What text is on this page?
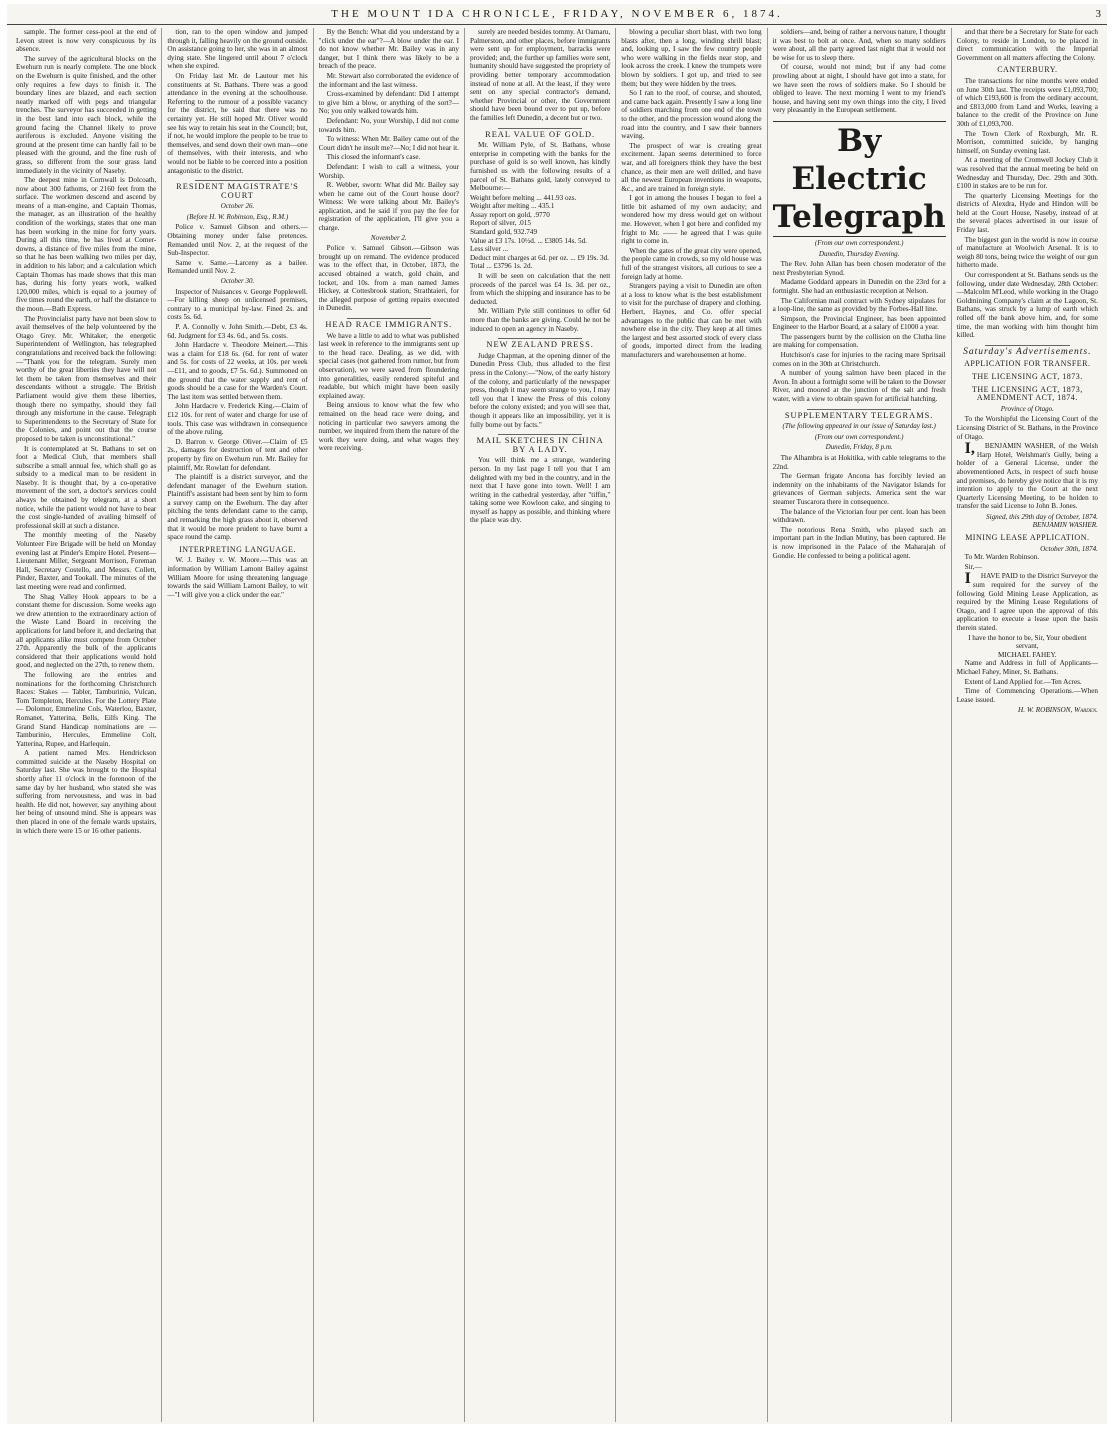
THE MOUNT IDA CHRONICLE, FRIDAY, NOVEMBER 6, 1874.	3

sample. The former cess-pool at the end of Levon street is now very conspicuous by its absence.

The survey of the agricultural blocks on the Ewehurn run is nearly complete. The one block on the Ewehurn is quite finished, and the other only requires a few days to finish it. The boundary lines are blazed, and each section neatly marked off with pegs and triangular trenches. The surveyor has succeeded in getting in the best land into each block, while the ground facing the Channel likely to prove auriferous is excluded. Anyone visiting the ground at the present time can hardly fail to be pleased with the ground, and the fine rush of grass, so different from the sour grass land immediately in the vicinity of Naseby.

The deepest mine in Cornwall is Dolcoath, now about 300 fathoms, or 2160 feet from the surface. The workmen descend and ascend by means of a man-engine, and Captain Thomas, the manager, as an illustration of the healthy condition of the workings, states that one man has been working in the mine for forty years. During all this time, he has lived at Comer-downs, a distance of five miles from the mine, so that he has been walking two miles per day, in addition to his labor; and a calculation which Captain Thomas has made shows that this man has, during his forty years work, walked 120,000 miles, which is equal to a journey of five times round the earth, or half the distance to the moon.—Bath Express.

The Provincialist party have not been slow to avail themselves of the help volunteered by the Otago Grey. Mr. Whitaker, the energetic Superintendent of Wellington, has telegraphed congratulations and received back the following:—"Thank you for the telegram. Surely men worthy of the great liberties they have will not let them be taken from themselves and their descendants without a struggle. The British Parliament would give them these liberties, though there no sympathy, should they fail through any misfortune in the cause. Telegraph to Superintendents to the Secretary of State for the Colonies, and point out that the course proposed to be taken is unconstitutional."

It is contemplated at St. Bathans to set on foot a Medical Club, that members shall subscribe a small annual fee, which shall go as subsidy to a medical man to be resident in Naseby. It is thought that, by a co-operative movement of the sort, a doctor's services could always be obtained by telegram, at a short notice, while the patient would not have to bear the cost single-handed of availing himself of professional skill at such a distance.

The monthly meeting of the Naseby Volunteer Fire Brigade will be held on Monday evening last at Pinder's Empire Hotel. Present—Lieutenant Miller, Sergeant Morrison, Foreman Hall, Secretary Costello, and Messrs. Collett, Pinder, Baxter, and Tookall. The minutes of the last meeting were read and confirmed.

The Shag Valley Hook appears to be a constant theme for discussion. Some weeks ago we drew attention to the extraordinary action of the Waste Land Board in receiving the applications for land before it, and declaring that all applicants alike must compete from October 27th. Apparently the bulk of the applicants considered that their applications would hold good, and neglected on the 27th, to renew them.

The following are the entries and nominations for the forthcoming Christchurch Races: Stakes — Tabler, Tamburinio, Vulcan, Tom Templeton, Hercules. For the Lottery Plate — Dolomor, Emmeline Cols, Waterloo, Baxter, Romanet, Yatterina, Bells, Eilfs King. The Grand Stand Handicap nominations are — Tamburinio, Hercules, Emmeline Colt, Yatterina, Rupee, and Harlequin.

A patient named Mrs. Hendrickson committed suicide at the Naseby Hospital on Saturday last. She was brought to the Hospital shortly after 11 o'clock in the forenoon of the same day by her husband, who stated she was suffering from nervousness, and was in bad health. He did not, however, say anything about her being of unsound mind. She is appears was then placed in one of the female wards upstairs, in which there were 15 or 16 other patients.

tion, ran to the open window and jumped through it, falling heavily on the ground outside. On assistance going to her, she was in an almost dying state. She lingered until about 7 o'clock when she expired.

On Friday last Mr. de Lautour met his constituents at St. Bathans. There was a good attendance in the evening at the schoolhouse. Referring to the rumour of a possible vacancy for the district, he said that there was no certainty yet. He still hoped Mr. Oliver would see his way to retain his seat in the Council; but, if not, he would implore the people to be true to themselves, and send down their own man—one of themselves, with their interests, and who would not be liable to be coerced into a position antagonistic to the district.

RESIDENT MAGISTRATE'S COURT
October 26.
(Before H. W. Robinson, Esq., R.M.)

Police v. Samuel Gibson and others.—Obtaining money under false pretences. Remanded until Nov. 2, at the request of the Sub-Inspector.

Same v. Same.—Larceny as a bailee. Remanded until Nov. 2.

October 30.

Inspector of Nuisances v. George Popplewell.—For killing sheep on unlicensed premises, contrary to a municipal by-law. Fined 2s. and costs 5s. 6d.

P. A. Connolly v. John Smith.—Debt, £3 4s. 6d. Judgment for £3 4s. 6d., and 5s. costs.

John Hardacre v. Theodore Meinert.—This was a claim for £18 6s. (6d. for rent of water and 5s. for costs of 22 weeks, at 10s. per week—£11, and to goods, £7 5s. 6d.). Summoned on the ground that the water supply and rent of goods should be a case for the Warden's Court. The last item was settled between them.

John Hardacre v. Frederick King.—Claim of £12 10s. for rent of water and charge for use of tools. This case was withdrawn in consequence of the above ruling.

D. Barron v. George Oliver.—Claim of £5 2s., damages for destruction of tent and other property by fire on Ewehurn run. Mr. Bailey for plaintiff, Mr. Rowlatt for defendant.

The plaintiff is a district surveyor, and the defendant manager of the Ewehurn station. Plaintiff's assistant had been sent by him to form a survey camp on the Ewehurn. The day after pitching the tents defendant came to the camp, and remarking the high grass about it, observed that it would be more prudent to have burnt a space round the camp.

INTERPRETING LANGUAGE.

W. J. Bailey v. W. Moore.—This was an information by William Lamont Bailey against William Moore for using threatening language towards the said William Lamont Bailey, to wit—"I will give you a click under the ear."

By the Bench: What did you understand by a "click under the ear"?—A blow under the ear. I do not know whether Mr. Bailey was in any danger, but I think there was likely to be a breach of the peace.

Mr. Stewart also corroborated the evidence of the informant and the last witness.

Cross-examined by defendant: Did I attempt to give him a blow, or anything of the sort?—No; you only walked towards him.

Defendant: No, your Worship, I did not come towards him.

To witness: When Mr. Bailey came out of the Court didn't he insult me?—No; I did not hear it.

This closed the informant's case.

Defendant: I wish to call a witness, your Worship.

R. Webber, sworn: What did Mr. Bailey say when he came out of the Court house door? Witness: We were talking about Mr. Bailey's application, and he said if you pay the fee for registration of the application, I'll give you a charge.

November 2.

Police v. Samuel Gibson.—Gibson was brought up on remand. The evidence produced was to the effect that, in October, 1873, the accused obtained a watch, gold chain, and locket, and 10s. from a man named James Hickey, at Cottesbrook station, Strathtaieri, for the alleged purpose of getting repairs executed in Dunedin.

HEAD RACE IMMIGRANTS.

We have a little to add to what was published last week in reference to the immigrants sent up to the head race. Dealing, as we did, with special cases (not gathered from rumor, but from observation), we were saved from floundering into generalities, easily rendered spiteful and readable, but which might have been easily explained away.

Being anxious to know what the few who remained on the head race were doing, and noticing in particular two sawyers among the number, we inquired from them the nature of the work they were doing, and what wages they were receiving.

surely are needed besides tommy. At Oamaru, Palmerston, and other places, before immigrants were sent up for employment, barracks were provided; and, the further up families were sent, humanity should have suggested the propriety of providing better temporary accommodation instead of none at all. At the least, if they were sent on any special contractor's demand, whether Provincial or other, the Government should have been bound over to put up, before the families left Dunedin, a decent hut or two.

REAL VALUE OF GOLD.

Mr. William Pyle, of St. Bathans, whose enterprise in competing with the banks for the purchase of gold is so well known, has kindly furnished us with the following results of a parcel of St. Bathans gold, lately conveyed to Melbourne:—

Weight before melting ... 441.93 ozs.
Weight after melting ... 435.1
Assay report on gold, .9770
Report of silver, .015
Standard gold, 932.749
Value at £3 17s. 10½d. ... £3805 14s. 5d.
Less silver ...
Deduct mint charges at 6d. per oz. ... £9 19s. 3d.
Total ... £3796 1s. 2d.

It will be seen on calculation that the nett proceeds of the parcel was £4 1s. 3d. per oz., from which the shipping and insurance has to be deducted.

Mr. William Pyle still continues to offer 6d more than the banks are giving. Could he not be induced to open an agency in Naseby.

NEW ZEALAND PRESS.

Judge Chapman, at the opening dinner of the Dunedin Press Club, thus alluded to the first press in the Colony:—"Now, of the early history of the colony, and particularly of the newspaper press, though it may seem strange to you, I may tell you that I knew the Press of this colony before the colony existed; and you will see that, though it appears like an impossibility, yet it is fully borne out by facts."

MAIL SKETCHES IN CHINA BY A LADY.

You will think me a strange, wandering person. In my last page I tell you that I am delighted with my bed in the country, and in the next that I have gone into town. Well! I am writing in the cathedral yesterday, after "tiffin," taking some wee Kowloon cake, and singing to myself as happy as possible, and thinking where the place was dry.

blowing a peculiar short blast, with two long blasts after, then a long, winding shrill blast; and, looking up, I saw the few country people who were walking in the fields near stop, and look across the creek. I knew the trumpets were blown by soldiers. I got up, and tried to see them; but they were hidden by the trees.

So I ran to the roof, of course, and shouted, and came back again. Presently I saw a long line of soldiers marching from one end of the town to the other, and the procession wound along the road into the country, and I saw their banners waving.

The prospect of war is creating great excitement. Japan seems determined to force war, and all foreigners think they have the best chance, as their men are well drilled, and have all the newest European inventions in weapons, &c., and are trained in foreign style.

I got in among the houses I began to feel a little bit ashamed of my own audacity; and wondered how my dress would get on without me. However, when I got here and confided my fright to Mr. —— he agreed that I was quite right to come in.

When the gates of the great city were opened, the people came in crowds, so my old house was full of the strangest visitors, all curious to see a foreign lady at home.

Strangers paying a visit to Dunedin are often at a loss to know what is the best establishment to visit for the purchase of drapery and clothing. Herbert, Haynes, and Co. offer special advantages to the public that can be met with nowhere else in the city. They keep at all times the largest and best assorted stock of every class of goods, imported direct from the leading manufacturers and warehousemen at home.

soldiers—and, being of rather a nervous nature, I thought it was best to bolt at once. And, when so many soldiers were about, all the party agreed last night that it would not be wise for us to sleep there.

Of course, would not mind; but if any had come prowling about at night, I should have got into a state, for we have seen the rows of soldiers make. So I should be obliged to leave. The next morning I went to my friend's house, and having sent my own things into the city, I lived very pleasantly in the European settlement.

By Electric Telegraph
(From our own correspondent.)
Dunedin, Thursday Evening.

The Rev. John Allan has been chosen moderator of the next Presbyterian Synod.

Madame Goddard appears in Dunedin on the 23rd for a fortnight. She had an enthusiastic reception at Nelson.

The Californian mail contract with Sydney stipulates for a loop-line, the same as provided by the Forbes-Hall line.

Simpson, the Provincial Engineer, has been appointed Engineer to the Harbor Board, at a salary of £1000 a year.

The passengers burnt by the collision on the Clutha line are making for compensation.

Hutchison's case for injuries to the racing mare Spritsail comes on in the 30th at Christchurch.

A number of young salmon have been placed in the Avon. In about a fortnight some will be taken to the Dowser River, and moored at the junction of the salt and fresh water, with a view to obtain spawn for artificial hatching.

SUPPLEMENTARY TELEGRAMS.
(The following appeared in our issue of Saturday last.)
(From our own correspondent.)
Dunedin, Friday, 8 p.m.

The Alhambra is at Hokitika, with cable telegrams to the 22nd.

The German frigate Ancona has forcibly levied an indemnity on the inhabitants of the Navigator Islands for grievances of German subjects. America sent the war steamer Tuscarora there in consequence.

The balance of the Victorian four per cent. loan has been withdrawn.

The notorious Rena Smith, who played such an important part in the Indian Mutiny, has been captured. He is now imprisoned in the Palace of the Maharajah of Gondie. He confessed to being a political agent.

and that there be a Secretary for State for each Colony, to reside in London, to be placed in direct communication with the Imperial Government on all matters affecting the Colony.

CANTERBURY.

The transactions for nine months were ended on June 30th last. The receipts were £1,093,700; of which £193,600 is from the ordinary account, and £813,000 from Land and Works, leaving a balance to the credit of the Province on June 30th of £1,093,700.

The Town Clerk of Roxburgh, Mr. R. Morrison, committed suicide, by hanging himself, on Sunday evening last.

At a meeting of the Cromwell Jockey Club it was resolved that the annual meeting be held on Wednesday and Thursday, Dec. 29th and 30th. £100 in stakes are to be run for.

The quarterly Licensing Meetings for the districts of Alexdra, Hyde and Hindon will be held at the Court House, Naseby, instead of at the several places advertised in our issue of Friday last.

The biggest gun in the world is now in course of manufacture at Woolwich Arsenal. It is to weigh 80 tons, being twice the weight of our gun hitherto made.

Our correspondent at St. Bathans sends us the following, under date Wednesday, 28th October:—Malcolm M'Leod, while working in the Otago Goldmining Company's claim at the Lagoon, St. Bathans, was struck by a lump of earth which rolled off the bank above him, and, for some time, the man working with him thought him killed.

Saturday's Advertisements.
APPLICATION FOR TRANSFER.
THE LICENSING ACT, 1873.
THE LICENSING ACT, 1873, AMENDMENT ACT, 1874.
Province of Otago.

To the Worshipful the Licensing Court of the Licensing District of St. Bathans, in the Province of Otago.

I,BENJAMIN WASHER, of the Welsh Harp Hotel, Welshman's Gully, being a holder of a General License, under the abovementioned Acts, in respect of such house and premises, do hereby give notice that it is my intention to apply to the Court at the next Quarterly Licensing Meeting, to be holden to transfer the said License to John B. Jones.

Signed, this 29th day of October, 1874. BENJAMIN WASHER.
MINING LEASE APPLICATION.
October 30th, 1874.

To Mr. Warden Robinson.

Sir,—

IHAVE PAID to the District Surveyor the sum required for the survey of the following Gold Mining Lease Application, as required by the Mining Lease Regulations of Otago, and I agree upon the approval of this application to execute a lease upon the basis therein stated.

I have the honor to be, Sir, Your obedient servant,
MICHAEL FAHEY.

Name and Address in full of Applicants—Michael Fahey, Miner, St. Bathans.

Extent of Land Applied for.—Ten Acres.

Time of Commencing Operations.—When Lease issued.

H. W. ROBINSON, Warden.
